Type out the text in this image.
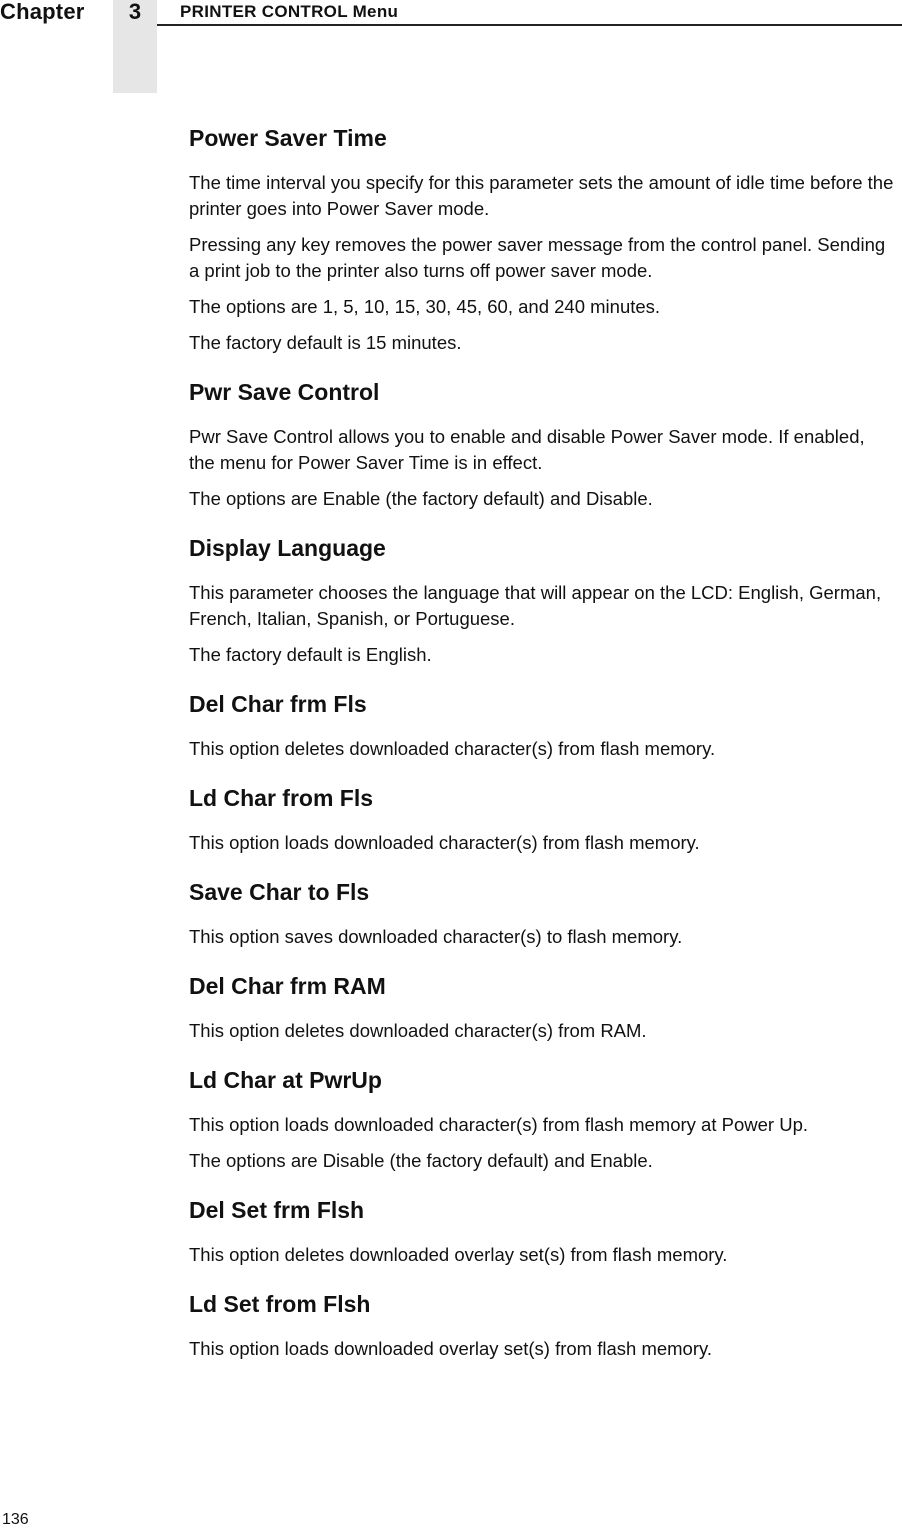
Chapter	3	PRINTER CONTROL Menu
Power Saver Time

The time interval you specify for this parameter sets the amount of idle time before the printer goes into Power Saver mode.

Pressing any key removes the power saver message from the control panel. Sending a print job to the printer also turns off power saver mode.

The options are 1, 5, 10, 15, 30, 45, 60, and 240 minutes.

The factory default is 15 minutes.

Pwr Save Control

Pwr Save Control allows you to enable and disable Power Saver mode. If enabled, the menu for Power Saver Time is in effect.

The options are Enable (the factory default) and Disable.

Display Language

This parameter chooses the language that will appear on the LCD: English, German, French, Italian, Spanish, or Portuguese.

The factory default is English.

Del Char frm Fls

This option deletes downloaded character(s) from flash memory.

Ld Char from Fls

This option loads downloaded character(s) from flash memory.

Save Char to Fls

This option saves downloaded character(s) to flash memory.

Del Char frm RAM

This option deletes downloaded character(s) from RAM.

Ld Char at PwrUp

This option loads downloaded character(s) from flash memory at Power Up.

The options are Disable (the factory default) and Enable.

Del Set frm Flsh

This option deletes downloaded overlay set(s) from flash memory.

Ld Set from Flsh

This option loads downloaded overlay set(s) from flash memory.

136
